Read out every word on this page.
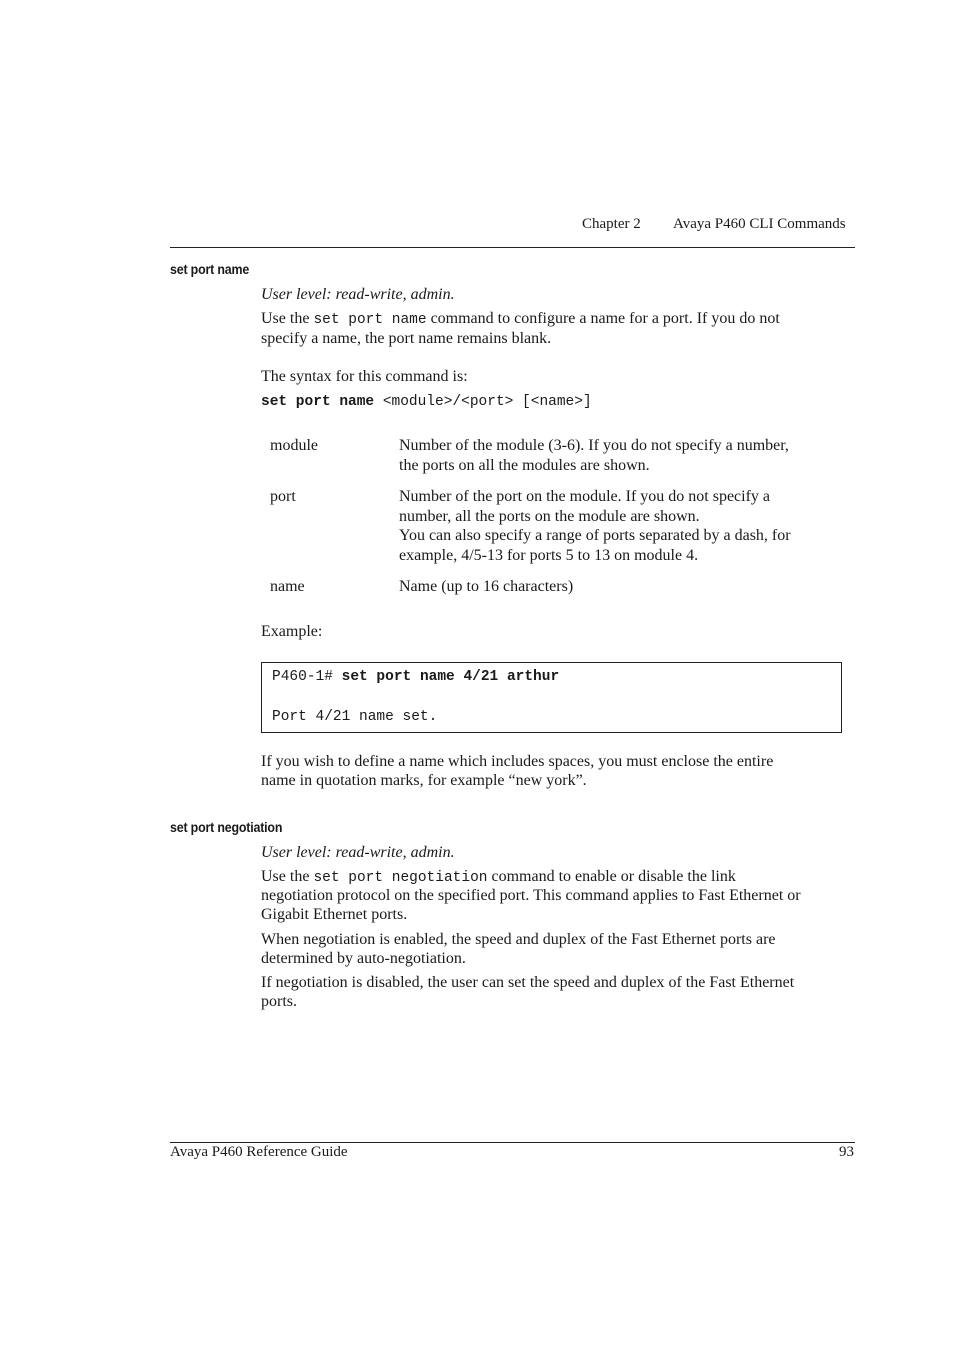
Chapter 2 Avaya P460 CLI Commands
set port name
User level: read-write, admin.
Use the set port name command to configure a name for a port. If you do not
specify a name, the port name remains blank.
The syntax for this command is:
set port name <module>/<port> [<name>]
module	Number of the module (3-6). If you do not specify a number,
the ports on all the modules are shown.
port	Number of the port on the module. If you do not specify a
number, all the ports on the module are shown.
You can also specify a range of ports separated by a dash, for
example, 4/5-13 for ports 5 to 13 on module 4.
name	Name (up to 16 characters)
Example:
P460-1# set port name 4/21 arthur
Port 4/21 name set.
If you wish to define a name which includes spaces, you must enclose the entire
name in quotation marks, for example “new york”.
set port negotiation
User level: read-write, admin.
Use the set port negotiation command to enable or disable the link
negotiation protocol on the specified port. This command applies to Fast Ethernet or
Gigabit Ethernet ports.
When negotiation is enabled, the speed and duplex of the Fast Ethernet ports are
determined by auto-negotiation.
If negotiation is disabled, the user can set the speed and duplex of the Fast Ethernet
ports.
Avaya P460 Reference Guide	93
